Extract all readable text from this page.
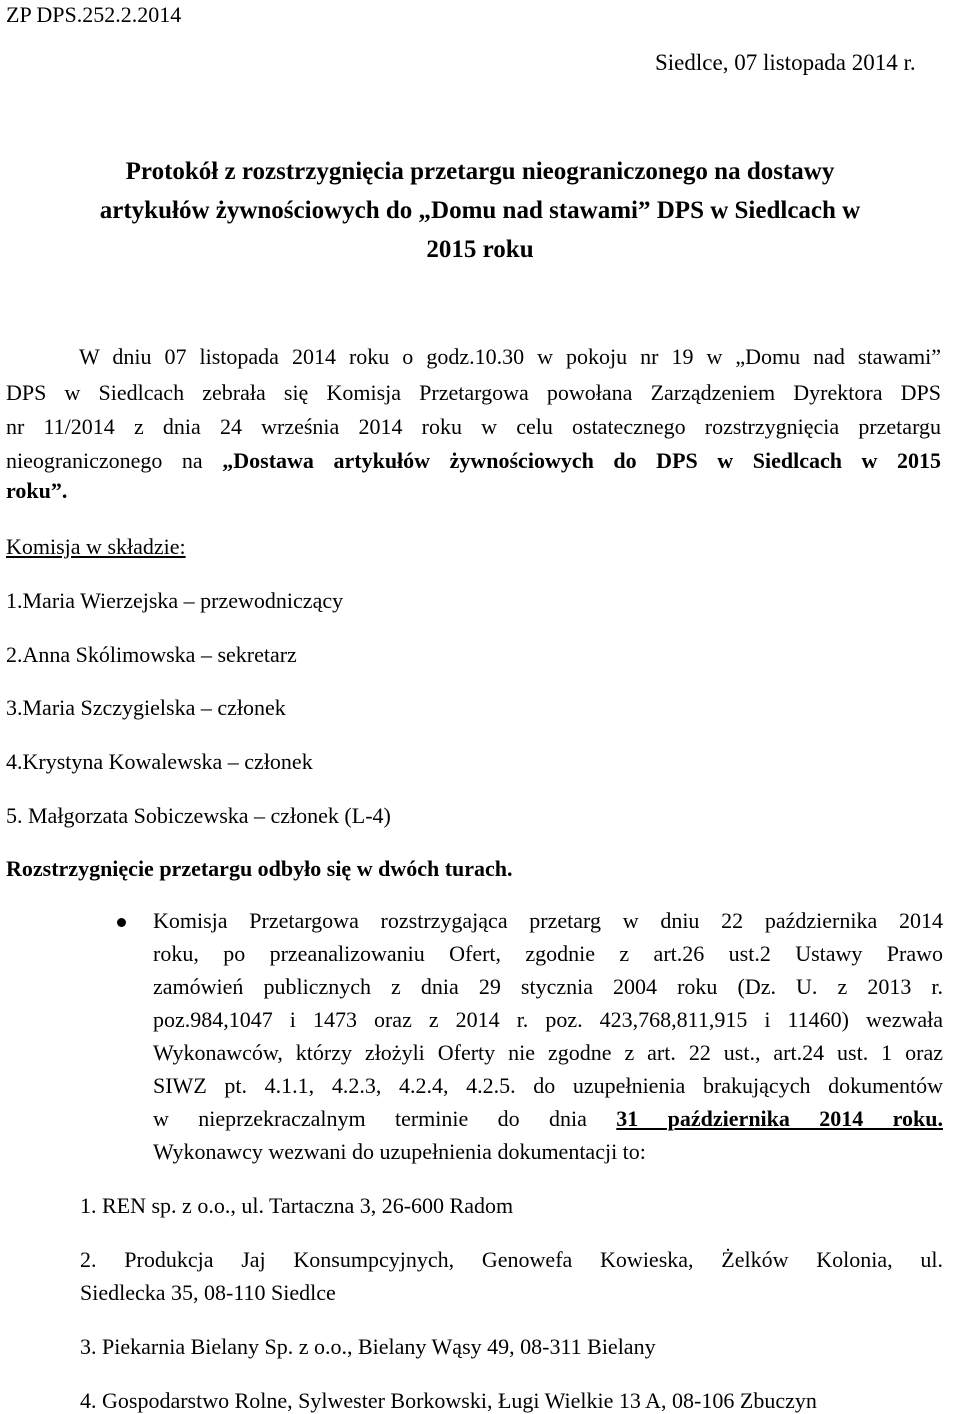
ZP DPS.252.2.2014
Siedlce, 07 listopada 2014 r.
Protokół z rozstrzygnięcia przetargu nieograniczonego na dostawy
artykułów żywnościowych do „Domu nad stawami” DPS w Siedlcach w
2015 roku
W dniu 07 listopada 2014 roku o godz.10.30 w pokoju nr 19 w „Domu nad stawami”
DPS w Siedlcach zebrała się Komisja Przetargowa powołana Zarządzeniem Dyrektora DPS
nr 11/2014 z dnia 24 września 2014 roku w celu ostatecznego rozstrzygnięcia przetargu
nieograniczonego na „Dostawa artykułów żywnościowych do DPS w Siedlcach w 2015
roku”.
Komisja w składzie:
1.Maria Wierzejska – przewodniczący
2.Anna Skólimowska – sekretarz
3.Maria Szczygielska – członek
4.Krystyna Kowalewska – członek
5. Małgorzata Sobiczewska – członek (L-4)
Rozstrzygnięcie przetargu odbyło się w dwóch turach.
Komisja Przetargowa rozstrzygająca przetarg w dniu 22 października 2014
roku, po przeanalizowaniu Ofert, zgodnie z art.26 ust.2 Ustawy Prawo
zamówień publicznych z dnia 29 stycznia 2004 roku (Dz. U. z 2013 r.
poz.984,1047 i 1473 oraz z 2014 r. poz. 423,768,811,915 i 11460) wezwała
Wykonawców, którzy złożyli Oferty nie zgodne z art. 22 ust., art.24 ust. 1 oraz
SIWZ pt. 4.1.1, 4.2.3, 4.2.4, 4.2.5. do uzupełnienia brakujących dokumentów
w nieprzekraczalnym terminie do dnia 31 października 2014 roku.
Wykonawcy wezwani do uzupełnienia dokumentacji to:
1. REN sp. z o.o., ul. Tartaczna 3, 26-600 Radom
2. Produkcja Jaj Konsumpcyjnych, Genowefa Kowieska, Żelków Kolonia, ul.
Siedlecka 35, 08-110 Siedlce
3. Piekarnia Bielany Sp. z o.o., Bielany Wąsy 49, 08-311 Bielany
4. Gospodarstwo Rolne, Sylwester Borkowski, Ługi Wielkie 13 A, 08-106 Zbuczyn
